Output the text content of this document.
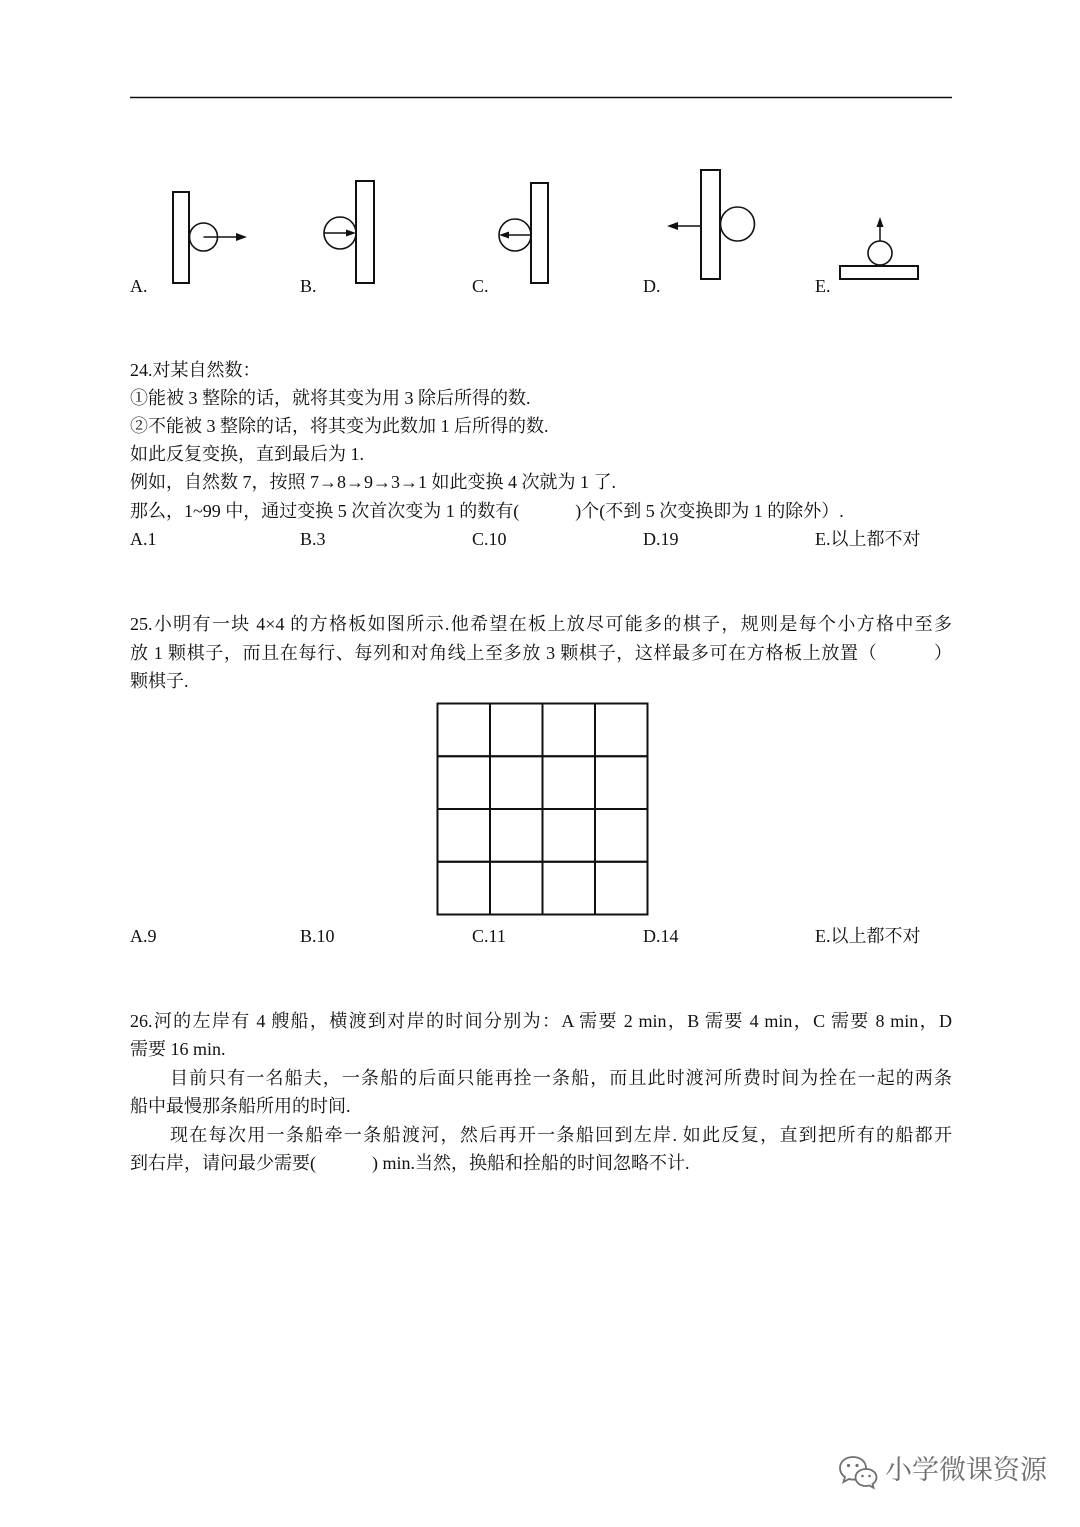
A.	B.	C.	D.	E.
24.对某自然数：
①能被 3 整除的话，就将其变为用 3 除后所得的数.
②不能被 3 整除的话，将其变为此数加 1 后所得的数.
如此反复变换，直到最后为 1.
例如，自然数 7，按照 7→8→9→3→1 如此变换 4 次就为 1 了.
那么，1~99 中，通过变换 5 次首次变为 1 的数有(	)个(不到 5 次变换即为 1 的除外）.
A.1	B.3	C.10	D.19	E.以上都不对
25.小明有一块 4×4 的方格板如图所示.他希望在板上放尽可能多的棋子，规则是每个小方格中至多
放 1 颗棋子，而且在每行、每列和对角线上至多放 3 颗棋子，这样最多可在方格板上放置（	）
颗棋子.
A.9	B.10	C.11	D.14	E.以上都不对
26.河的左岸有 4 艘船，横渡到对岸的时间分别为：A 需要 2 min，B 需要 4 min，C 需要 8 min，D
需要 16 min.
目前只有一名船夫，一条船的后面只能再拴一条船，而且此时渡河所费时间为拴在一起的两条
船中最慢那条船所用的时间.
现在每次用一条船牵一条船渡河，然后再开一条船回到左岸. 如此反复，直到把所有的船都开
到右岸，请问最少需要(	) min.当然，换船和拴船的时间忽略不计.
小学微课资源
